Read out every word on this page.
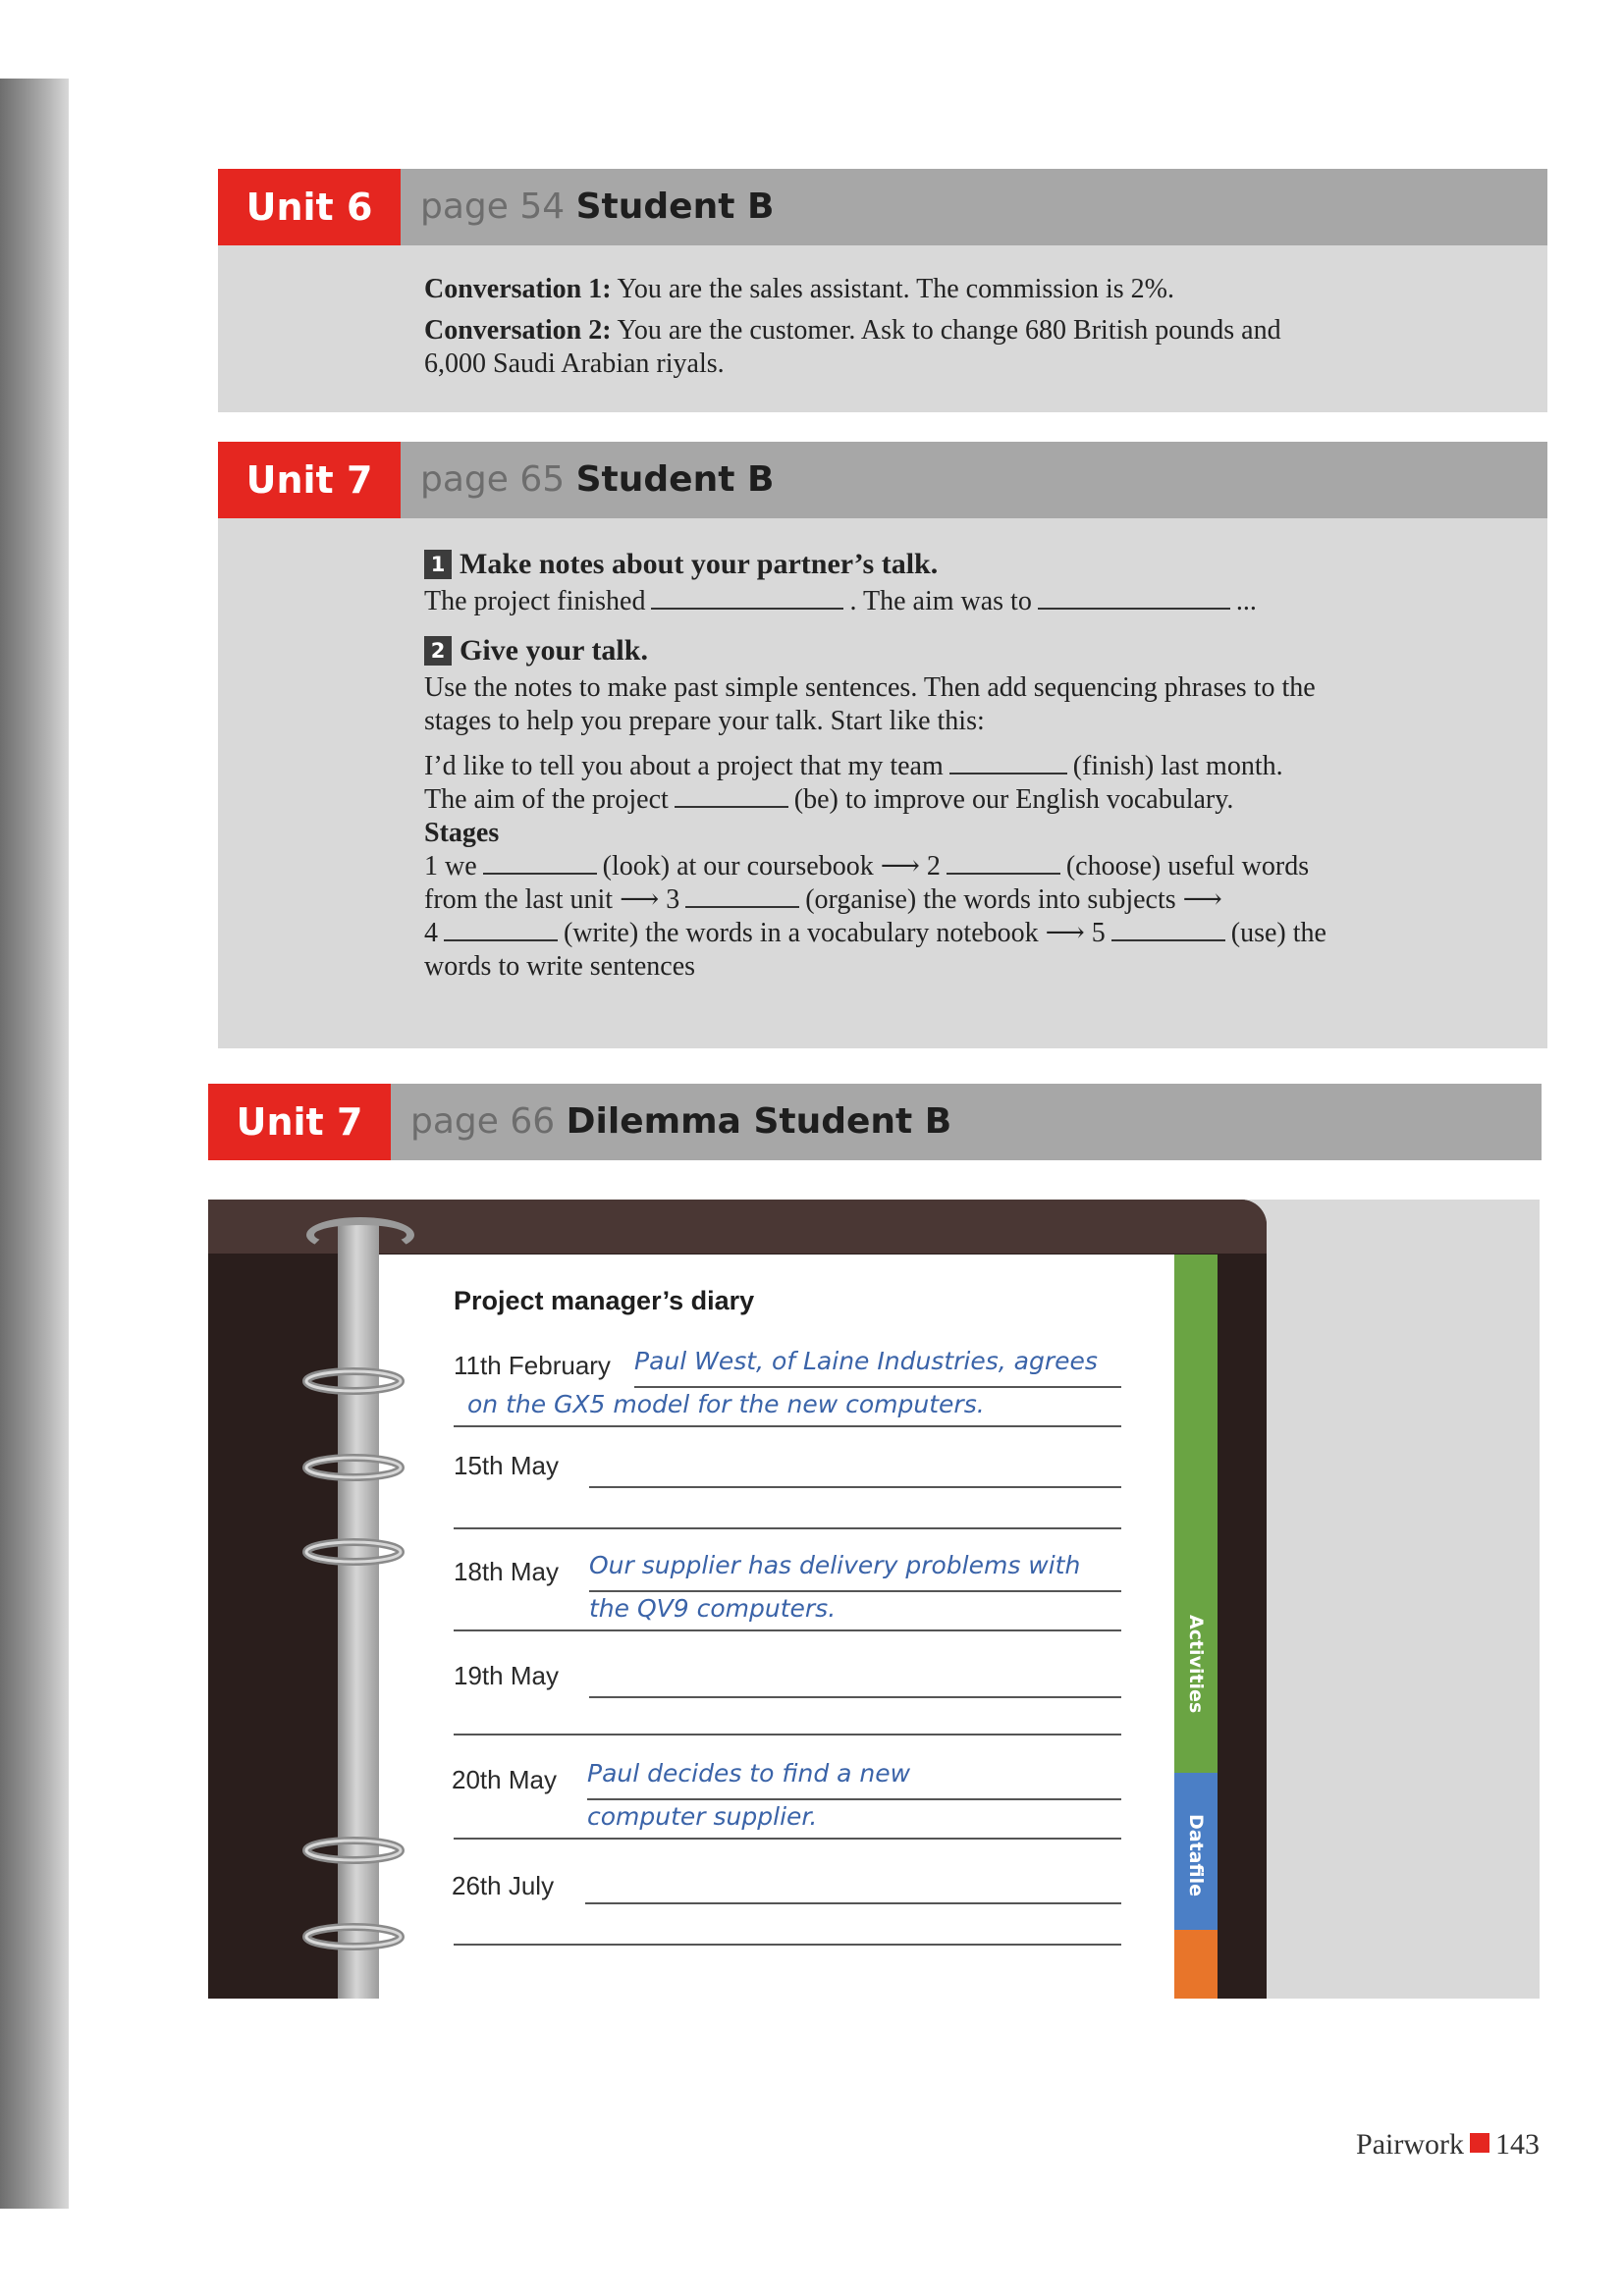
Unit 6	page 54 Student B

Conversation 1: You are the sales assistant. The commission is 2%.

Conversation 2: You are the customer. Ask to change 680 British pounds and

6,000 Saudi Arabian riyals.

Unit 7	page 65 Student B

1 Make notes about your partner’s talk.

The project finished	. The aim was to	...

2 Give your talk.

Use the notes to make past simple sentences. Then add sequencing phrases to the

stages to help you prepare your talk. Start like this:

I’d like to tell you about a project that my team	(finish) last month.

The aim of the project	(be) to improve our English vocabulary.

Stages

1 we	(look) at our coursebook ⟶ 2	(choose) useful words

from the last unit ⟶ 3	(organise) the words into subjects ⟶

4	(write) the words in a vocabulary notebook ⟶ 5	(use) the

words to write sentences

Unit 7	page 66 Dilemma Student B
Activities
Datafile
Project manager’s diary
11th February Paul West, of Laine Industries, agrees
on the GX5 model for the new computers.
15th May
18th May Our supplier has delivery problems with
the QV9 computers.
19th May
20th May Paul decides to find a new
computer supplier.
26th July
Pairwork 143
